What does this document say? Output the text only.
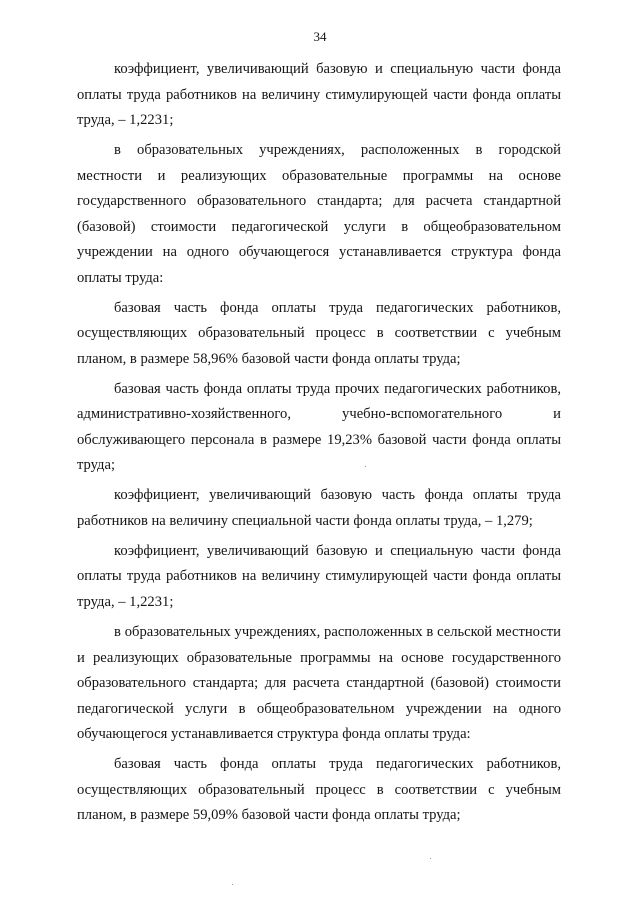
34

коэффициент, увеличивающий базовую и специальную части фонда оплаты труда работников на величину стимулирующей части фонда оплаты труда, – 1,2231;

в образовательных учреждениях, расположенных в городской местности и реализующих образовательные программы на основе государственного образовательного стандарта; для расчета стандартной (базовой) стоимости педагогической услуги в общеобразовательном учреждении на одного обучающегося устанавливается структура фонда оплаты труда:

базовая часть фонда оплаты труда педагогических работников, осуществляющих образовательный процесс в соответствии с учебным планом, в размере 58,96% базовой части фонда оплаты труда;

базовая часть фонда оплаты труда прочих педагогических работников, административно-хозяйственного, учебно-вспомогательного и обслуживающего персонала в размере 19,23% базовой части фонда оплаты труда;

коэффициент, увеличивающий базовую часть фонда оплаты труда работников на величину специальной части фонда оплаты труда, – 1,279;

коэффициент, увеличивающий базовую и специальную части фонда оплаты труда работников на величину стимулирующей части фонда оплаты труда, – 1,2231;

в образовательных учреждениях, расположенных в сельской местности и реализующих образовательные программы на основе государственного образовательного стандарта; для расчета стандартной (базовой) стоимости педагогической услуги в общеобразовательном учреждении на одного обучающегося устанавливается структура фонда оплаты труда:

базовая часть фонда оплаты труда педагогических работников, осуществляющих образовательный процесс в соответствии с учебным планом, в размере 59,09% базовой части фонда оплаты труда;
